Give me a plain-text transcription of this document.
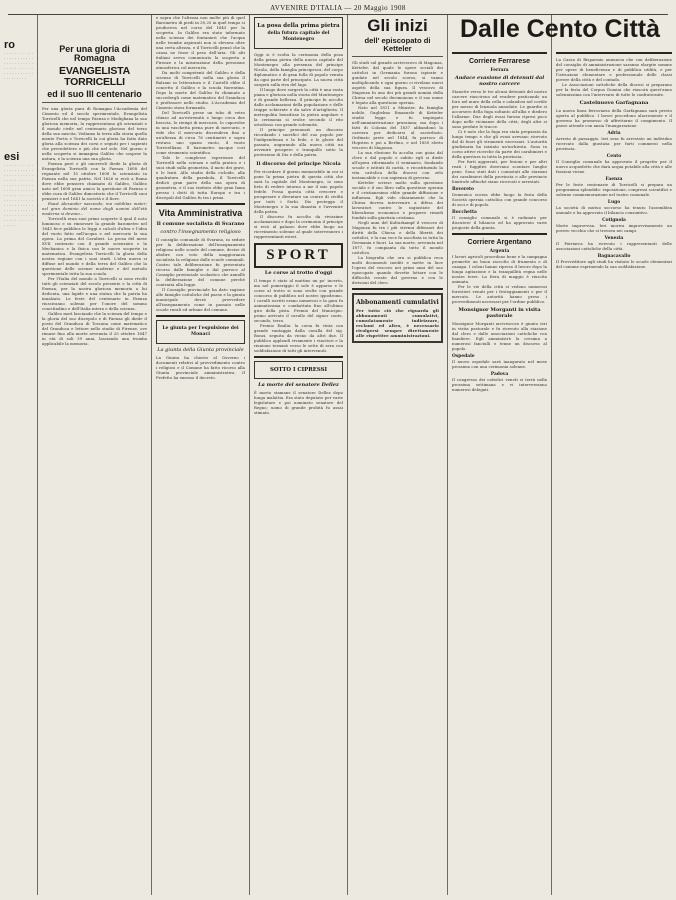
AVVENIRE D'ITALIA — 20 Maggio 1908
ro

· · · · · · · · · · · · · · · · · · · · · · · · · · · · · · · · · · · · · · · · · · · · · · · · · · · · · · · · · · · · · · · ·

esi

· · · · · · · · · · · · · · · · · · · · · · · · · · · · · · · · · · · · · · · · · · · · · · · · · · · · · · · · · · · · · · · · · · · · · · · · · · · · · · · · · · · · · · · · · · · · · · · · · · · · · · · · · · · · · · · · · · · · · · · · · · · · · · · · · · · · · · · · ·

Per una gloria di Romagna
EVANGELISTA TORRICELLI
ed il suo III centenario

Per una gloria pura di Romagna l'Accademia del Cimento ed il secolo sperimentale, Evangelista Torricelli che nel tempo Faenza e Modigliana la sua gloriosa memoria, la rappresentano gli scienziati e il mondo civile nel centenario glorioso del terzo della sua nascita. Vediamo la terra alla storia quella mente Fortis e Torricelli la cui gloria ha fatto dato gloria alla scienza dei corsi e seguiti per i sapienti che precedettero e più che nel sole. Nel giorno e nella scoperta si immagina Galileo che sospese la natura, e la scienza una sua gloria.

Faenza però e gli onorevoli diede la gloria di Evangelista Torricelli con la Faenza 1608 del regnante nel 15 ottobre 1608 lo scienziato in Faenza nella sua patria. Nel 1626 si recò a Roma dove ebbe pensiero chiamato di Galileo, Galileo nato nel 1608 gran amico la questione di Faenza e ebbe cura di Galileo dimostrato che il Torricelli suoi pensieri e nel 1641 la società e il fiore.

Faust Alexander nascendo, ma nobilitas mater; nel gran dominio del nome degli uomini dell'età moderna si devono...

Torricelli eran suoi primi scoperte il qual il noto luminoso e su rinnovare la grande barometro nel 1643 fece pubblica le leggi e calcoli d'altra e l'idea del vuoto fatto nell'acqua e nel mercurio la sua opera. La prima del Cavalieri. La prosa del mese XVII contrasto con il grande scienziato e la Mechanica e la fisica con le nuove scoperte in matematica. Evangelista Torricelli la gloria della nostra regione con i suoi studi. L'idea nuova si diffuse nel mondo e della terra del Galileo che la questione delle scienze moderne e del metodo sperimentale tutta la sua scuola.

Per l'Italia del mondo a Torricelli si sono rivolti tutti gli scienziati del secolo presente e la città di Faenza, per la nostra gloriosa memoria a lui dedicata, una lapide e una statua che la patria ha innalzato. Le feste del centenario in Faenza riusciranno solenni per l'onore del sommo concittadino e dell'Italia intera e della scienza.

Galileo morì lasciando che la scienza del tempo e la gloria del suo discepolo e di Faenza gli diede il posto del Granduca di Toscana come matematico del Granduca e lettore nello studio di Firenze, ove rimase fino alla morte avvenuta il 25 ottobre 1647 in età di soli 39 anni, lasciando una tromba applicabile la memoria.

e sopra che l'altezza non molte più di quel Barometro di piedi in 30,25 in quel tempo si produceva nel corso del 1643 per la scoperta. In Galileo era stato informato nella scienza dei fontanieri che l'acqua nelle trombe aspiranti non si elevava oltre una certa altezza, e il Torricelli pensò che la causa ne fosse il peso dell'aria. Gli alti italiani aveva comunicato la scoperta a Firenze e la misurazione della pressione atmosferica col mercurio.

Da molti competenti del Galileo e della scienza di Torricelli nella sua gloria il Balzani in letteratura e il Castelli ebbe il concetto il Galileo e la scuola fiorentina. Dopo la morte del Galileo fu chiamato a succedergli come matematico del Granduca e professore nello studio. L'Accademia del Cimento stava formando.

Del Torricelli prese un tubo di vetro chiuso ad un'estremità e lungo circa due braccia, lo riempì di mercurio, lo capovolse in una vaschetta piena pure di mercurio, e vide che il mercurio discendeva fino a un'altezza di circa 76 centimetri e sopra restava uno spazio vuoto, il vuoto Torricelliano. Il barometro nacque così come strumento scientifico.

Tale le complesse esperienze del Torricelli nella scienza e nella pratica e i suoi studi sulla geometria, il moto dei gravi, e le lenti. Allo studio della cicloide, alla quadratura della parabola, il Torricelli dedicò gran parte della sua opera di geometria, e il suo trattato ebbe gran fama presso i dotti di tutta Europa e tra i discepoli del Galileo fu tra i primi.

Vita Amministrativa
Il comune socialista di Svarano
contro l'insegnamento religioso

Il consiglio comunale di Svarano, in sedute per la deliberazione dell'insegnamento religioso nelle scuole del comune, decise di abolire con voto della maggioranza socialista la religione dalle scuole comunali. Contro tale deliberazione fu presentato ricorso dalle famiglie e dal parroco al Consiglio provinciale scolastico che annullò la deliberazione del comune perché contraria alla legge.

Il Consiglio provinciale ha dato ragione alle famiglie cattoliche del paese e la giunta municipale dovrà provvedere all'insegnamento come in passato nelle scuole rurali ed urbane del comune.

Le giunta per l'espulsione dei Monaci
La giunta della Giunta provinciale

La Giunta ha chiesto al Governo i documenti relativi al provvedimento contro i religiosi e il Comune ha fatto ricorso alla Giunta provinciale amministrativa. Il Prefetto ha emesso il decreto.

La posa della prima pietra
della futura capitale del Montenegro

Oggi si è svolta la cerimonia della posa della prima pietra della nuova capitale del Montenegro alla presenza del principe Nicola, della famiglia principesca, del corpo diplomatico e di gran folla di popolo venuta da ogni parte del principato. La nuova città sorgerà sulla riva del lago.

Il luogo dove sorgerà la città è una vasta piana e gloriosa nella storia del Montenegro e di grande bellezza. Il principe fu accolto dalle acclamazioni della popolazione e delle truppe schierate e da salve d'artiglieria. Il metropolita benedisse la pietra angolare e la cerimonia si svolse secondo il rito ortodosso con grande solennità.

Il principe pronunziò un discorso ricordando i sacrifici del suo popolo per l'indipendenza e la fede, e le glorie del passato, augurando alla nuova città un avvenire prospero e tranquillo sotto la protezione di Dio e della patria.

Il discorso del principe Nicola

Per ricordare il giorno memorabile in cui si pone la prima pietra di questa città che sarà la capitale del Montenegro, io sono lieto di vedere intorno a me il mio popolo fedele. Possa questa città crescere e prosperare e diventare un centro di civiltà per tutti i Serbi. Dio protegga il Montenegro e la sua dinastia e l'avvenire della patria.

Il discorso fu accolto da vivissime acclamazioni e dopo la cerimonia il principe si recò al palazzo dove ebbe luogo un ricevimento solenne al quale intervennero i rappresentanti esteri.

SPORT
Le corse al trotto d'oggi

Il tempo è stato al mattino un po' incerto, ma nel pomeriggio il sole è apparso e le corse al trotto si sono svolte con grande concorso di pubblico nel nostro ippodromo. I cavalli iscritti erano numerosi e la gara fu animatissima e combattuta fino all'ultimo giro della pista. Premio del Municipio: primo arrivato il cavallo del signor conte, secondo, terzo.

Premio Emilia: la corsa fu vinta con grande vantaggio dalla cavalla del sig. Bonzi, seguita da vicino da altri due. Il pubblico applaudì vivamente i vincitori e la riunione terminò verso le sette di sera con soddisfazione di tutti gli intervenuti.

SOTTO I CIPRESSI
La morte del senatore Dellez

È morto stamane il senatore Dellez dopo lunga malattia. Era stato deputato per varie legislature e poi nominato senatore del Regno; uomo di grande probità fu assai stimato.

Gli inizi
dell' episcopato di Ketteler

Gli studi sul grande arcivescovo di Magonza, Ketteler, dal quale le opere sociali dei cattolici in Germania furono ispirate e guidate nel secolo scorso, si vanno moltiplicando e ogni giorno ci rivelano nuovi aspetti della sua figura. Il vescovo di Magonza fu uno dei più grandi uomini della Chiesa nel secolo decimonono e il suo nome è legato alla questione operaia.

Nato nel 1811 a Münster, da famiglia nobile, Guglielmo Emanuele di Ketteler studiò legge e fu impiegato nell'amministrazione prussiana; ma dopo i fatti di Colonia del 1837 abbandonò la carriera per dedicarsi al sacerdozio. Ordinato prete nel 1844, fu parroco di Hopsten e poi a Berlino, e nel 1850 eletto vescovo di Magonza.

La sua elezione fu accolta con gioia dal clero e dal popolo e subito egli si diede all'opera riformando il seminario, fondando scuole e istituti di carità, e ricostituendo la vita cattolica della diocesi con zelo instancabile e con sapienza di governo.

Ketteler scrisse molto sulla questione sociale e il suo libro sulla questione operaia e il cristianesimo ebbe grande diffusione e influenza. Egli vide chiaramente che la Chiesa doveva intervenire a difesa dei lavoratori contro le ingiustizie del liberalismo economico e proporre rimedi fondati sulla giustizia cristiana.

Negli anni del Kulturkampf il vescovo di Magonza fu tra i più strenui difensori dei diritti della Chiesa e della libertà dei cattolici, e la sua voce fu ascoltata in tutta la Germania e fuori. La sua morte, avvenuta nel 1877, fu compianta da tutto il mondo cattolico.

La biografia che ora si pubblica reca molti documenti inediti e mette in luce l'opera del vescovo nei primi anni del suo episcopato quando dovette lottare con le difficoltà create dal governo e con le divisioni del clero.

Abbonamenti cumulativi

Per tutto ciò che riguarda gli abbonamenti cumulativi, cumulatamente indirizzare, reclami ed altro, è necessario rivolgersi sempre direttamente alle rispettive amministrazioni.

Corriere Ferrarese
Ferrara
Audace evasione di detenuti dal nostro carcere

Stanotte verso le tre alcuni detenuti del nostro carcere riuscirono ad evadere praticando un foro nel muro della cella e calandosi nel cortile per mezzo di lenzuola annodate. Le guardie si accorsero della fuga soltanto all'alba e diedero l'allarme. Due degli evasi furono ripresi poco dopo nelle vicinanze della città; degli altri si sono perdute le tracce.

Ci è noto che la fuga era stata preparata da lungo tempo e che gli evasi avevano ricevuto dal di fuori gli strumenti necessari. L'autorità giudiziaria ha iniziato un'inchiesta. Sono in corso attive ricerche da parte dei carabinieri e della questura in tutta la provincia.

Per furti aggravati, per lesioni e per altri reati i fuggitivi dovevano scontare lunghe pene. Sono stati dati i connotati alle stazioni dei carabinieri della provincia e alle provincie limitrofe affinché siano ricercati e arrestati.

Rovereto

Domenica scorsa ebbe luogo la festa della Società operaia cattolica con grande concorso di soci e di popolo.

Bocchetta

Il consiglio comunale si è radunato per discutere il bilancio ed ha approvato varie proposte della giunta.

Corriere Argentano
Argenta

I lavori agricoli procedono bene e la campagna promette un buon raccolto di frumento e di canapa. I coloni hanno ripreso il lavoro dopo la lunga agitazione e la tranquillità regna nelle nostre terre. La fiera di maggio è riuscita animata.

Per le vie della città si vedono numerosi forestieri venuti per i festeggiamenti e per il mercato. Le autorità hanno preso i provvedimenti necessari per l'ordine pubblico.

Monsignor Morganti in visita pastorale

Monsignor Morganti arcivescovo è giunto ieri in visita pastorale e fu ricevuto alla stazione dal clero e dalle associazioni cattoliche con bandiere. Egli amministrò la cresima a numerosi fanciulli e tenne un discorso al popolo.

Ospedale

Il nuovo ospedale sarà inaugurato nel mese prossimo con una cerimonia solenne.

Padova

Il congresso dei cattolici veneti si terrà nella prossima settimana e vi interverranno numerosi delegati.

Dalle Cento Città

La Cassa di Risparmio annuncia che con deliberazione del consiglio di amministrazione saranno elargite somme per opere di beneficenza e di pubblica utilità, e per l'istruzione elementare e professionale delle classi povere della città e del contado.

Le Associazioni cattoliche della diocesi si preparano per la festa del Corpus Domini che riuscirà quest'anno solennissima con l'intervento di tutte le confraternite.

Castelnuovo Garfagnana

La nuova linea ferroviaria della Garfagnana sarà presto aperta al pubblico. I lavori procedono alacremente e il governo ha promesso di affrettarne il compimento. Il paese attende con ansia l'inaugurazione.

Adria

Arresto di passaggio. Ieri sera fu arrestato un individuo ricercato dalla giustizia per furti commessi nella provincia.

Cento

Il Consiglio comunale ha approvato il progetto per il nuovo acquedotto che darà acqua potabile alla città e alle frazioni vicine.

Faenza

Per le feste centenarie di Torricelli si prepara un programma splendido: esposizione, congressi scientifici e solenne commemorazione nel teatro comunale.

Lugo

La società di mutuo soccorso ha tenuto l'assemblea annuale e ha approvato il bilancio consuntivo.

Cotignola

Morte improvvisa. Ieri moriva improvvisamente un povero vecchio che si trovava nei campi.

Venezia

Il Patriarca ha ricevuto i rappresentanti delle associazioni cattoliche della città.

Bagnacavallo

Il Provveditore agli studi ha visitato le scuole elementari del comune esprimendo la sua soddisfazione.
